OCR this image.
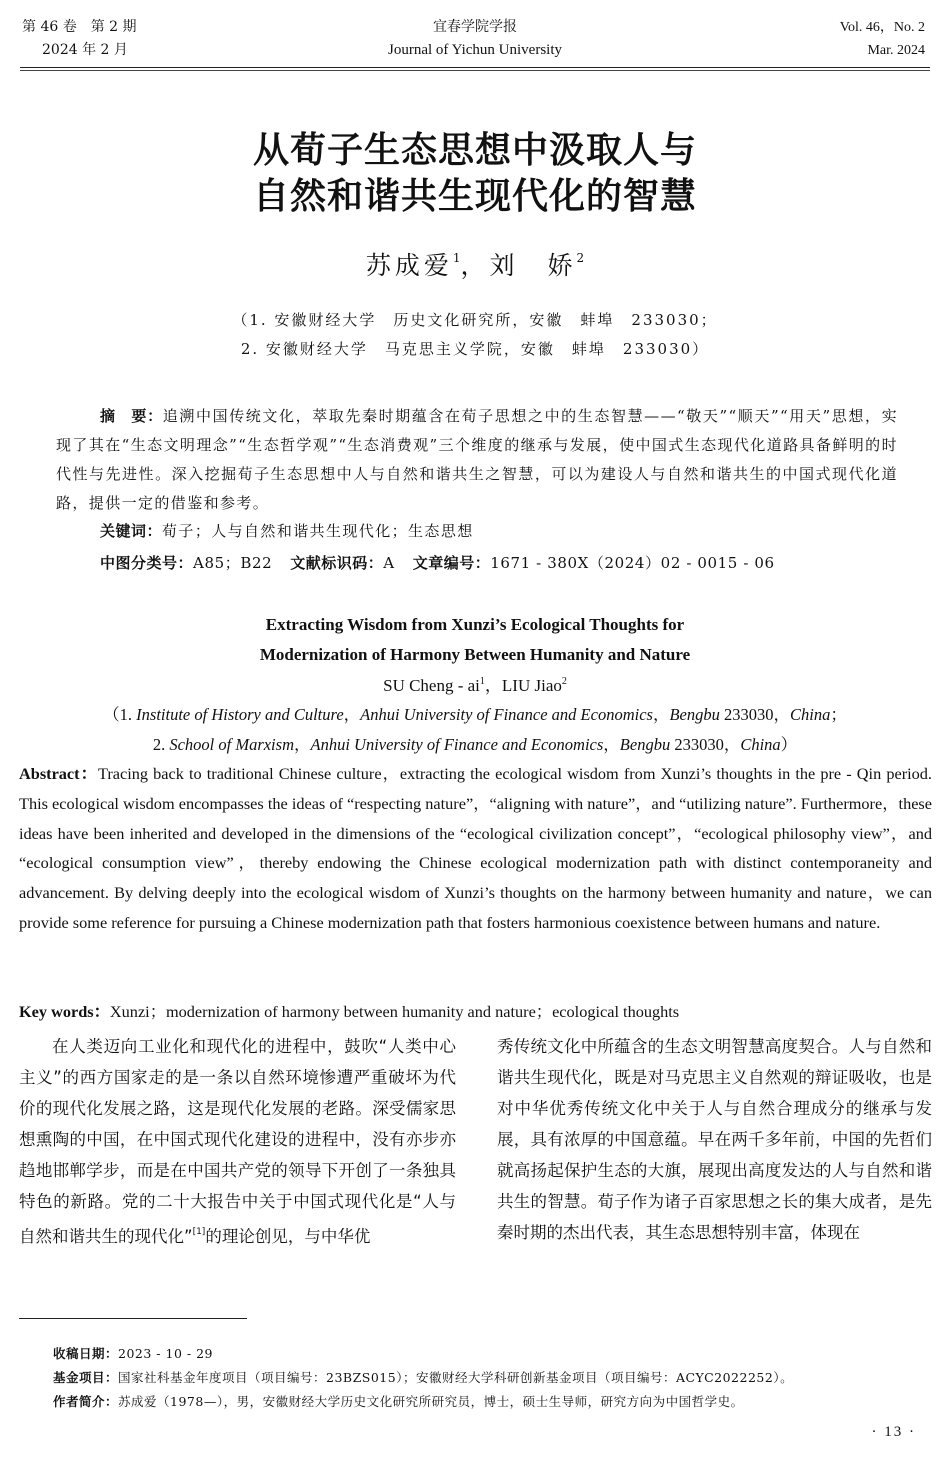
第 46 卷　第 2 期
2024 年 2 月
宜春学院学报
Journal of Yichun University
Vol. 46，No. 2
Mar. 2024
从荀子生态思想中汲取人与
自然和谐共生现代化的智慧
苏成爱$^1$，刘　娇$^2$
（1. 安徽财经大学　历史文化研究所，安徽　蚌埠　233030；
2. 安徽财经大学　马克思主义学院，安徽　蚌埠　233030）
摘　要：追溯中国传统文化，萃取先秦时期蕴含在荀子思想之中的生态智慧——“敬天”“顺天”“用天”思想，实现了其在“生态文明理念”“生态哲学观”“生态消费观”三个维度的继承与发展，使中国式生态现代化道路具备鲜明的时代性与先进性。深入挖掘荀子生态思想中人与自然和谐共生之智慧，可以为建设人与自然和谐共生的中国式现代化道路，提供一定的借鉴和参考。
关键词：荀子；人与自然和谐共生现代化；生态思想
中图分类号：A85；B22 文献标识码：A 文章编号：1671 - 380X（2024）02 - 0015 - 06
Extracting Wisdom from Xunzi’s Ecological Thoughts for
Modernization of Harmony Between Humanity and Nature
SU Cheng - $ai^1$，LIU Jiao$^2$
（1. Institute of History and Culture，Anhui University of Finance and Economics，Bengbu 233030，China；
2. School of Marxism，Anhui University of Finance and Economics，Bengbu 233030，China）
Abstract：Tracing back to traditional Chinese culture，extracting the ecological wisdom from Xunzi’s thoughts in the pre - Qin period. This ecological wisdom encompasses the ideas of “respecting nature”，“aligning with nature”，and “utilizing nature”. Furthermore，these ideas have been inherited and developed in the dimensions of the “ecological civilization concept”，“ecological philosophy view”，and “ecological consumption view”，thereby endowing the Chinese ecological modernization path with distinct contemporaneity and advancement. By delving deeply into the ecological wisdom of Xunzi’s thoughts on the harmony between humanity and nature，we can provide some reference for pursuing a Chinese modernization path that fosters harmonious coexistence between humans and nature.
Key words：Xunzi；modernization of harmony between humanity and nature；ecological thoughts
在人类迈向工业化和现代化的进程中，鼓吹“人类中心主义”的西方国家走的是一条以自然环境惨遭严重破坏为代价的现代化发展之路，这是现代化发展的老路。深受儒家思想熏陶的中国，在中国式现代化建设的进程中，没有亦步亦趋地邯郸学步，而是在中国共产党的领导下开创了一条独具特色的新路。党的二十大报告中关于中国式现代化是“人与自然和谐共生的现代化”[1]的理论创见，与中华优
秀传统文化中所蕴含的生态文明智慧高度契合。人与自然和谐共生现代化，既是对马克思主义自然观的辩证吸收，也是对中华优秀传统文化中关于人与自然合理成分的继承与发展，具有浓厚的中国意蕴。早在两千多年前，中国的先哲们就高扬起保护生态的大旗，展现出高度发达的人与自然和谐共生的智慧。荀子作为诸子百家思想之长的集大成者，是先秦时期的杰出代表，其生态思想特别丰富，体现在
收稿日期：2023 - 10 - 29
基金项目：国家社科基金年度项目（项目编号：23BZS015）；安徽财经大学科研创新基金项目（项目编号：ACYC2022252）。
作者简介：苏成爱（1978—），男，安徽财经大学历史文化研究所研究员，博士，硕士生导师，研究方向为中国哲学史。
· 13 ·
